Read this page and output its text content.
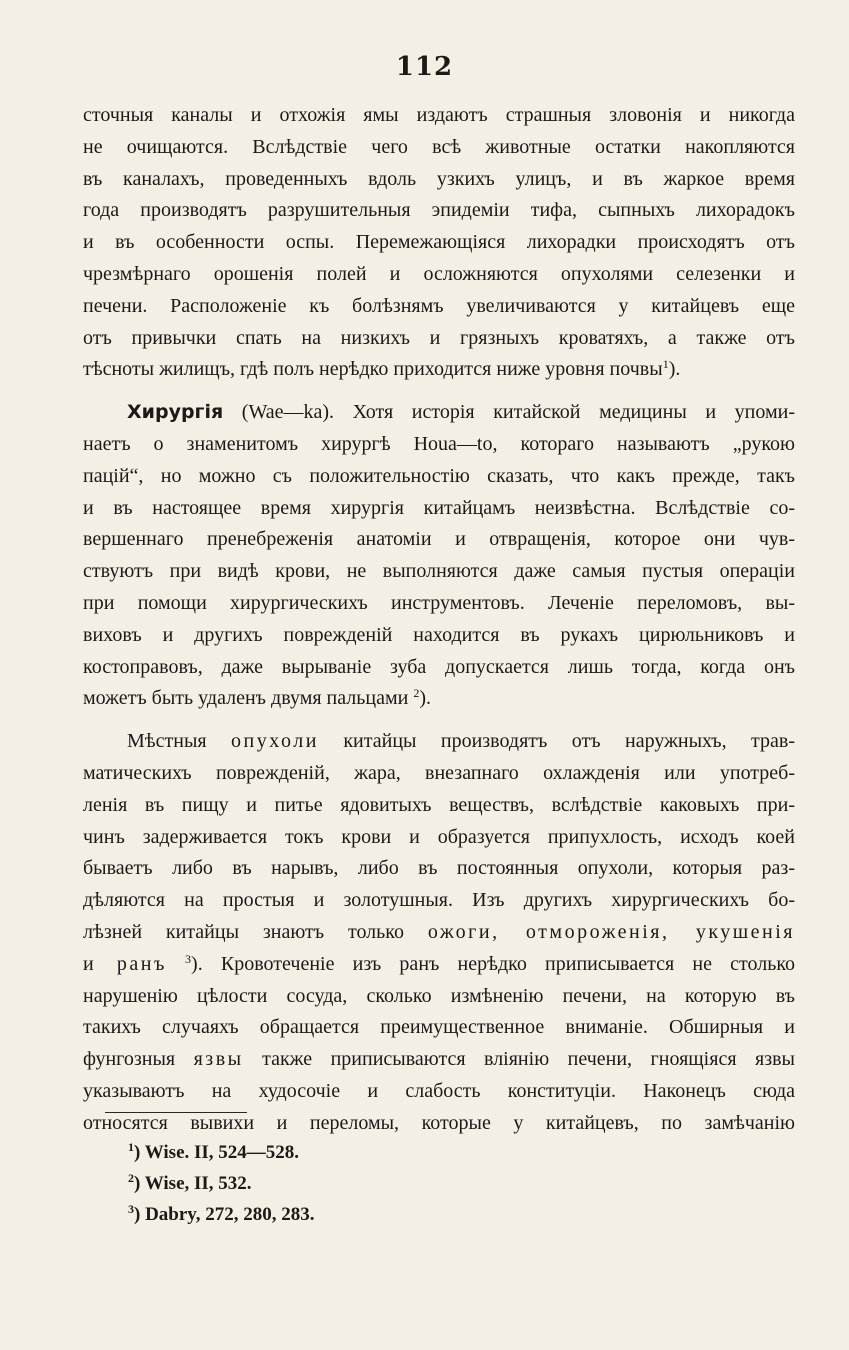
112
сточныя каналы и отхожія ямы издаютъ страшныя зловонія и никогда
не очищаются. Вслѣдствіе чего всѣ животные остатки накопляются
въ каналахъ, проведенныхъ вдоль узкихъ улицъ, и въ жаркое время
года производятъ разрушительныя эпидеміи тифа, сыпныхъ лихорадокъ
и въ особенности оспы. Перемежающіяся лихорадки происходятъ отъ
чрезмѣрнаго орошенія полей и осложняются опухолями селезенки и
печени. Расположеніе къ болѣзнямъ увеличиваются у китайцевъ еще
отъ привычки спать на низкихъ и грязныхъ кроватяхъ, а также отъ
тѣсноты жилищъ, гдѣ полъ нерѣдко приходится ниже уровня почвы$^1$).
Хирургія (Wae—ka). Хотя исторія китайской медицины и упоми-
наетъ о знаменитомъ хирургѣ Houa—to, котораго называютъ „рукою
пацій“, но можно съ положительностію сказать, что какъ прежде, такъ
и въ настоящее время хирургія китайцамъ неизвѣстна. Вслѣдствіе со-
вершеннаго пренебреженія анатоміи и отвращенія, которое они чув-
ствуютъ при видѣ крови, не выполняются даже самыя пустыя операціи
при помощи хирургическихъ инструментовъ. Леченіе переломовъ, вы-
виховъ и другихъ поврежденій находится въ рукахъ цирюльниковъ и
костоправовъ, даже вырываніе зуба допускается лишь тогда, когда онъ
можетъ быть удаленъ двумя пальцами $^2$).
Мѣстныя опухоли китайцы производятъ отъ наружныхъ, трав-
матическихъ поврежденій, жара, внезапнаго охлажденія или употреб-
ленія въ пищу и питье ядовитыхъ веществъ, вслѣдствіе каковыхъ при-
чинъ задерживается токъ крови и образуется припухлость, исходъ коей
бываетъ либо въ нарывъ, либо въ постоянныя опухоли, которыя раз-
дѣляются на простыя и золотушныя. Изъ другихъ хирургическихъ бо-
лѣзней китайцы знаютъ только ожоги, отмороженія, укушенія
и ранъ $^3$). Кровотеченіе изъ ранъ нерѣдко приписывается не столько
нарушенію цѣлости сосуда, сколько измѣненію печени, на которую въ
такихъ случаяхъ обращается преимущественное вниманіе. Обширныя и
фунгозныя язвы также приписываются вліянію печени, гноящіяся язвы
указываютъ на худосочіе и слабость конституціи. Наконецъ сюда
относятся вывихи и переломы, которые у китайцевъ, по замѣчанію
$^1$) Wise. II, 524—528.
$^2$) Wise, II, 532.
$^3$) Dabry, 272, 280, 283.
